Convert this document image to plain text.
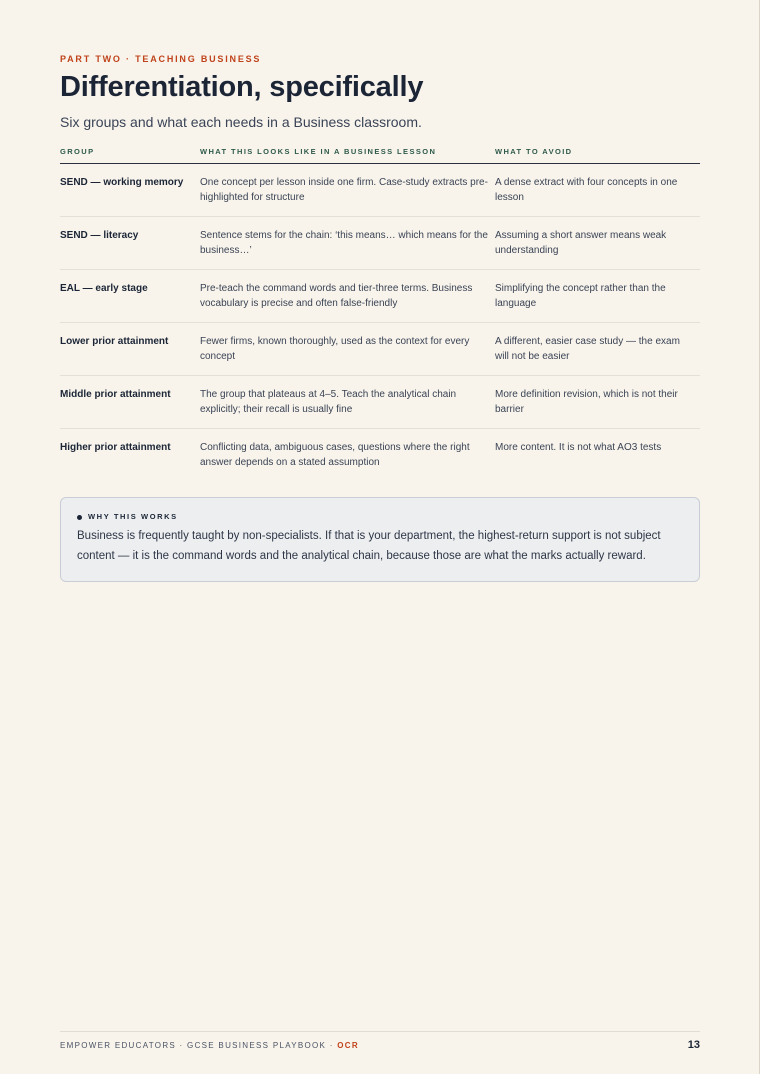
PART TWO · TEACHING BUSINESS

Differentiation, specifically

Six groups and what each needs in a Business classroom.

GROUP	WHAT THIS LOOKS LIKE IN A BUSINESS LESSON	WHAT TO AVOID
SEND — working memory	One concept per lesson inside one firm. Case-study extracts pre-highlighted for structure	A dense extract with four concepts in one lesson
SEND — literacy	Sentence stems for the chain: ‘this means… which means for the business…’	Assuming a short answer means weak understanding
EAL — early stage	Pre-teach the command words and tier-three terms. Business vocabulary is precise and often false-friendly	Simplifying the concept rather than the language
Lower prior attainment	Fewer firms, known thoroughly, used as the context for every concept	A different, easier case study — the exam will not be easier
Middle prior attainment	The group that plateaus at 4–5. Teach the analytical chain explicitly; their recall is usually fine	More definition revision, which is not their barrier
Higher prior attainment	Conflicting data, ambiguous cases, questions where the right answer depends on a stated assumption	More content. It is not what AO3 tests
WHY THIS WORKS

Business is frequently taught by non-specialists. If that is your department, the highest-return support is not subject content — it is the command words and the analytical chain, because those are what the marks actually reward.

EMPOWER EDUCATORS · GCSE BUSINESS PLAYBOOK · OCR	13
